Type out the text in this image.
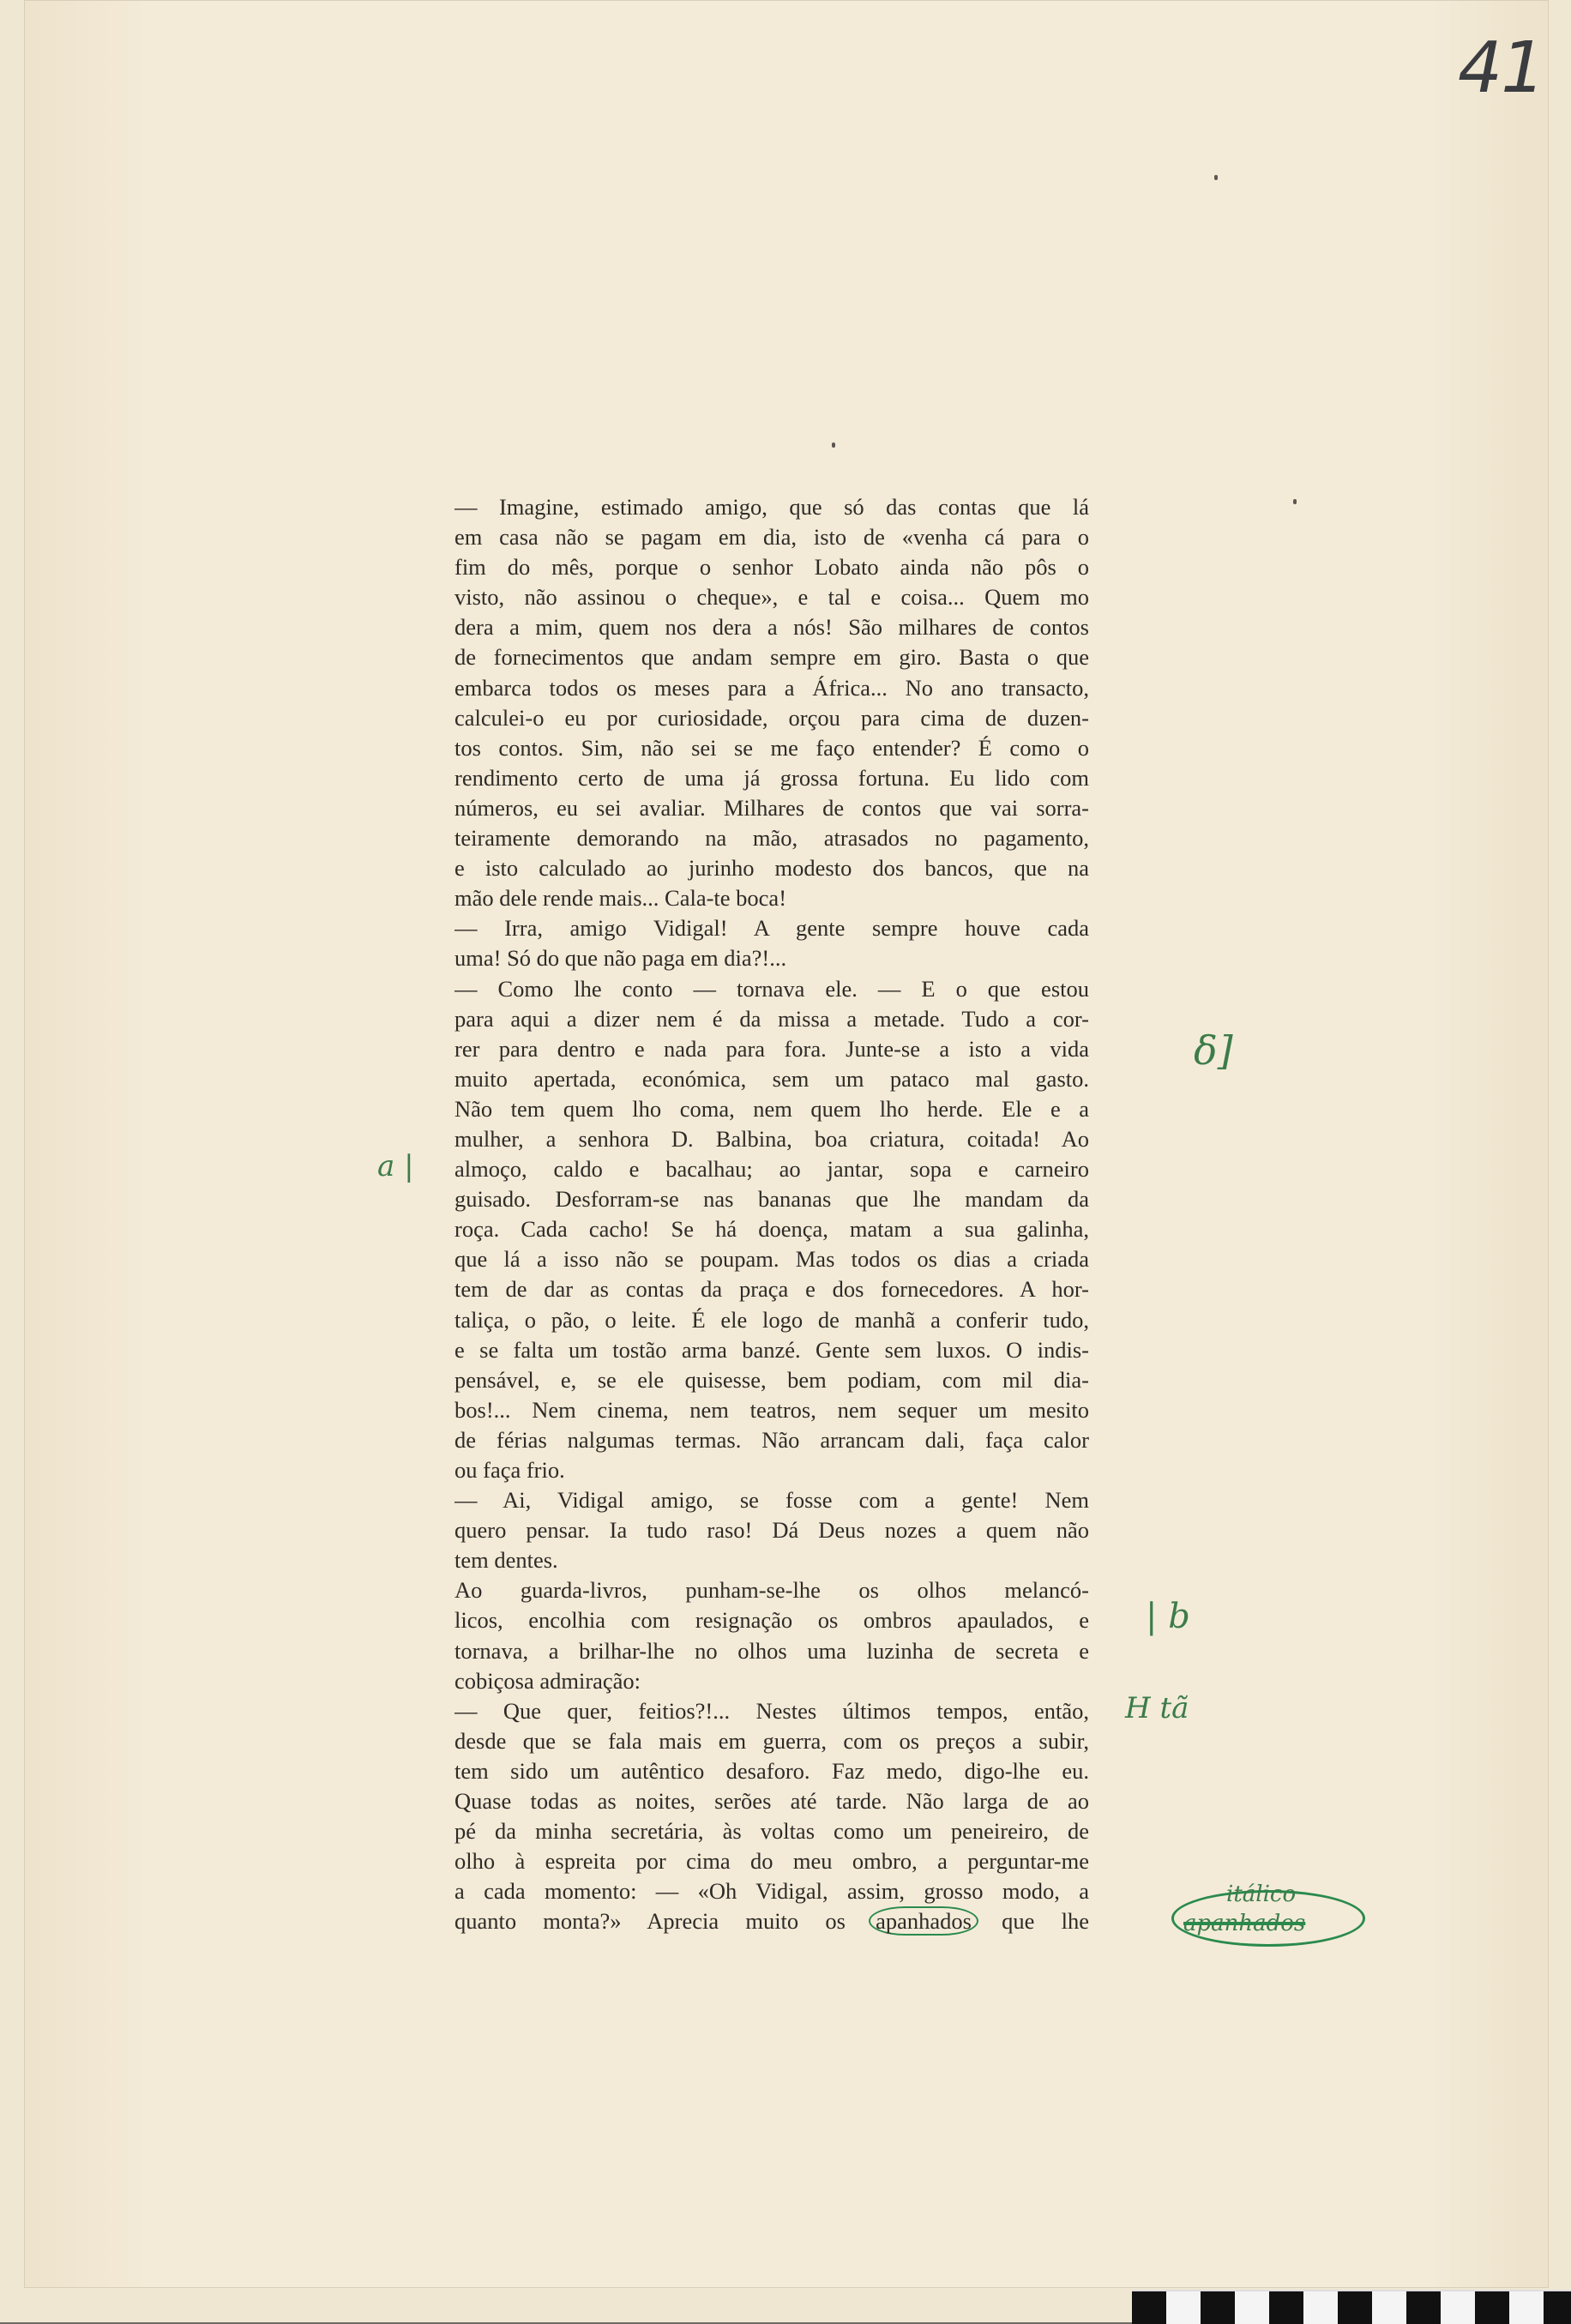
41
— Imagine, estimado amigo, que só das contas que lá
em casa não se pagam em dia, isto de «venha cá para o
fim do mês, porque o senhor Lobato ainda não pôs o
visto, não assinou o cheque», e tal e coisa... Quem mo
dera a mim, quem nos dera a nós! São milhares de contos
de fornecimentos que andam sempre em giro. Basta o que
embarca todos os meses para a África... No ano transacto,
calculei-o eu por curiosidade, orçou para cima de duzen-
tos contos. Sim, não sei se me faço entender? É como o
rendimento certo de uma já grossa fortuna. Eu lido com
números, eu sei avaliar. Milhares de contos que vai sorra-
teiramente demorando na mão, atrasados no pagamento,
e isto calculado ao jurinho modesto dos bancos, que na
mão dele rende mais... Cala-te boca!
— Irra, amigo Vidigal! A gente sempre houve cada
uma! Só do que não paga em dia?!...
— Como lhe conto — tornava ele. — E o que estou
para aqui a dizer nem é da missa a metade. Tudo a cor-
rer para dentro e nada para fora. Junte-se a isto a vida
muito apertada, económica, sem um pataco mal gasto.
Não tem quem lho coma, nem quem lho herde. Ele e a
mulher, a senhora D. Balbina, boa criatura, coitada! Ao
almoço, caldo e bacalhau; ao jantar, sopa e carneiro
guisado. Desforram-se nas bananas que lhe mandam da
roça. Cada cacho! Se há doença, matam a sua galinha,
que lá a isso não se poupam. Mas todos os dias a criada
tem de dar as contas da praça e dos fornecedores. A hor-
taliça, o pão, o leite. É ele logo de manhã a conferir tudo,
e se falta um tostão arma banzé. Gente sem luxos. O indis-
pensável, e, se ele quisesse, bem podiam, com mil dia-
bos!... Nem cinema, nem teatros, nem sequer um mesito
de férias nalgumas termas. Não arrancam dali, faça calor
ou faça frio.
— Ai, Vidigal amigo, se fosse com a gente! Nem
quero pensar. Ia tudo raso! Dá Deus nozes a quem não
tem dentes.
Ao guarda-livros, punham-se-lhe os olhos melancó-
licos, encolhia com resignação os ombros apaulados, e
tornava, a brilhar-lhe no olhos uma luzinha de secreta e
cobiçosa admiração:
— Que quer, feitios?!... Nestes últimos tempos, então,
desde que se fala mais em guerra, com os preços a subir,
tem sido um autêntico desaforo. Faz medo, digo-lhe eu.
Quase todas as noites, serões até tarde. Não larga de ao
pé da minha secretária, às voltas como um peneireiro, de
olho à espreita por cima do meu ombro, a perguntar-me
a cada momento: — «Oh Vidigal, assim, grosso modo, a
quanto monta?» Aprecia muito os apanhados que lhe
a |
δ]
| b
H tã
itálico
apanhados
